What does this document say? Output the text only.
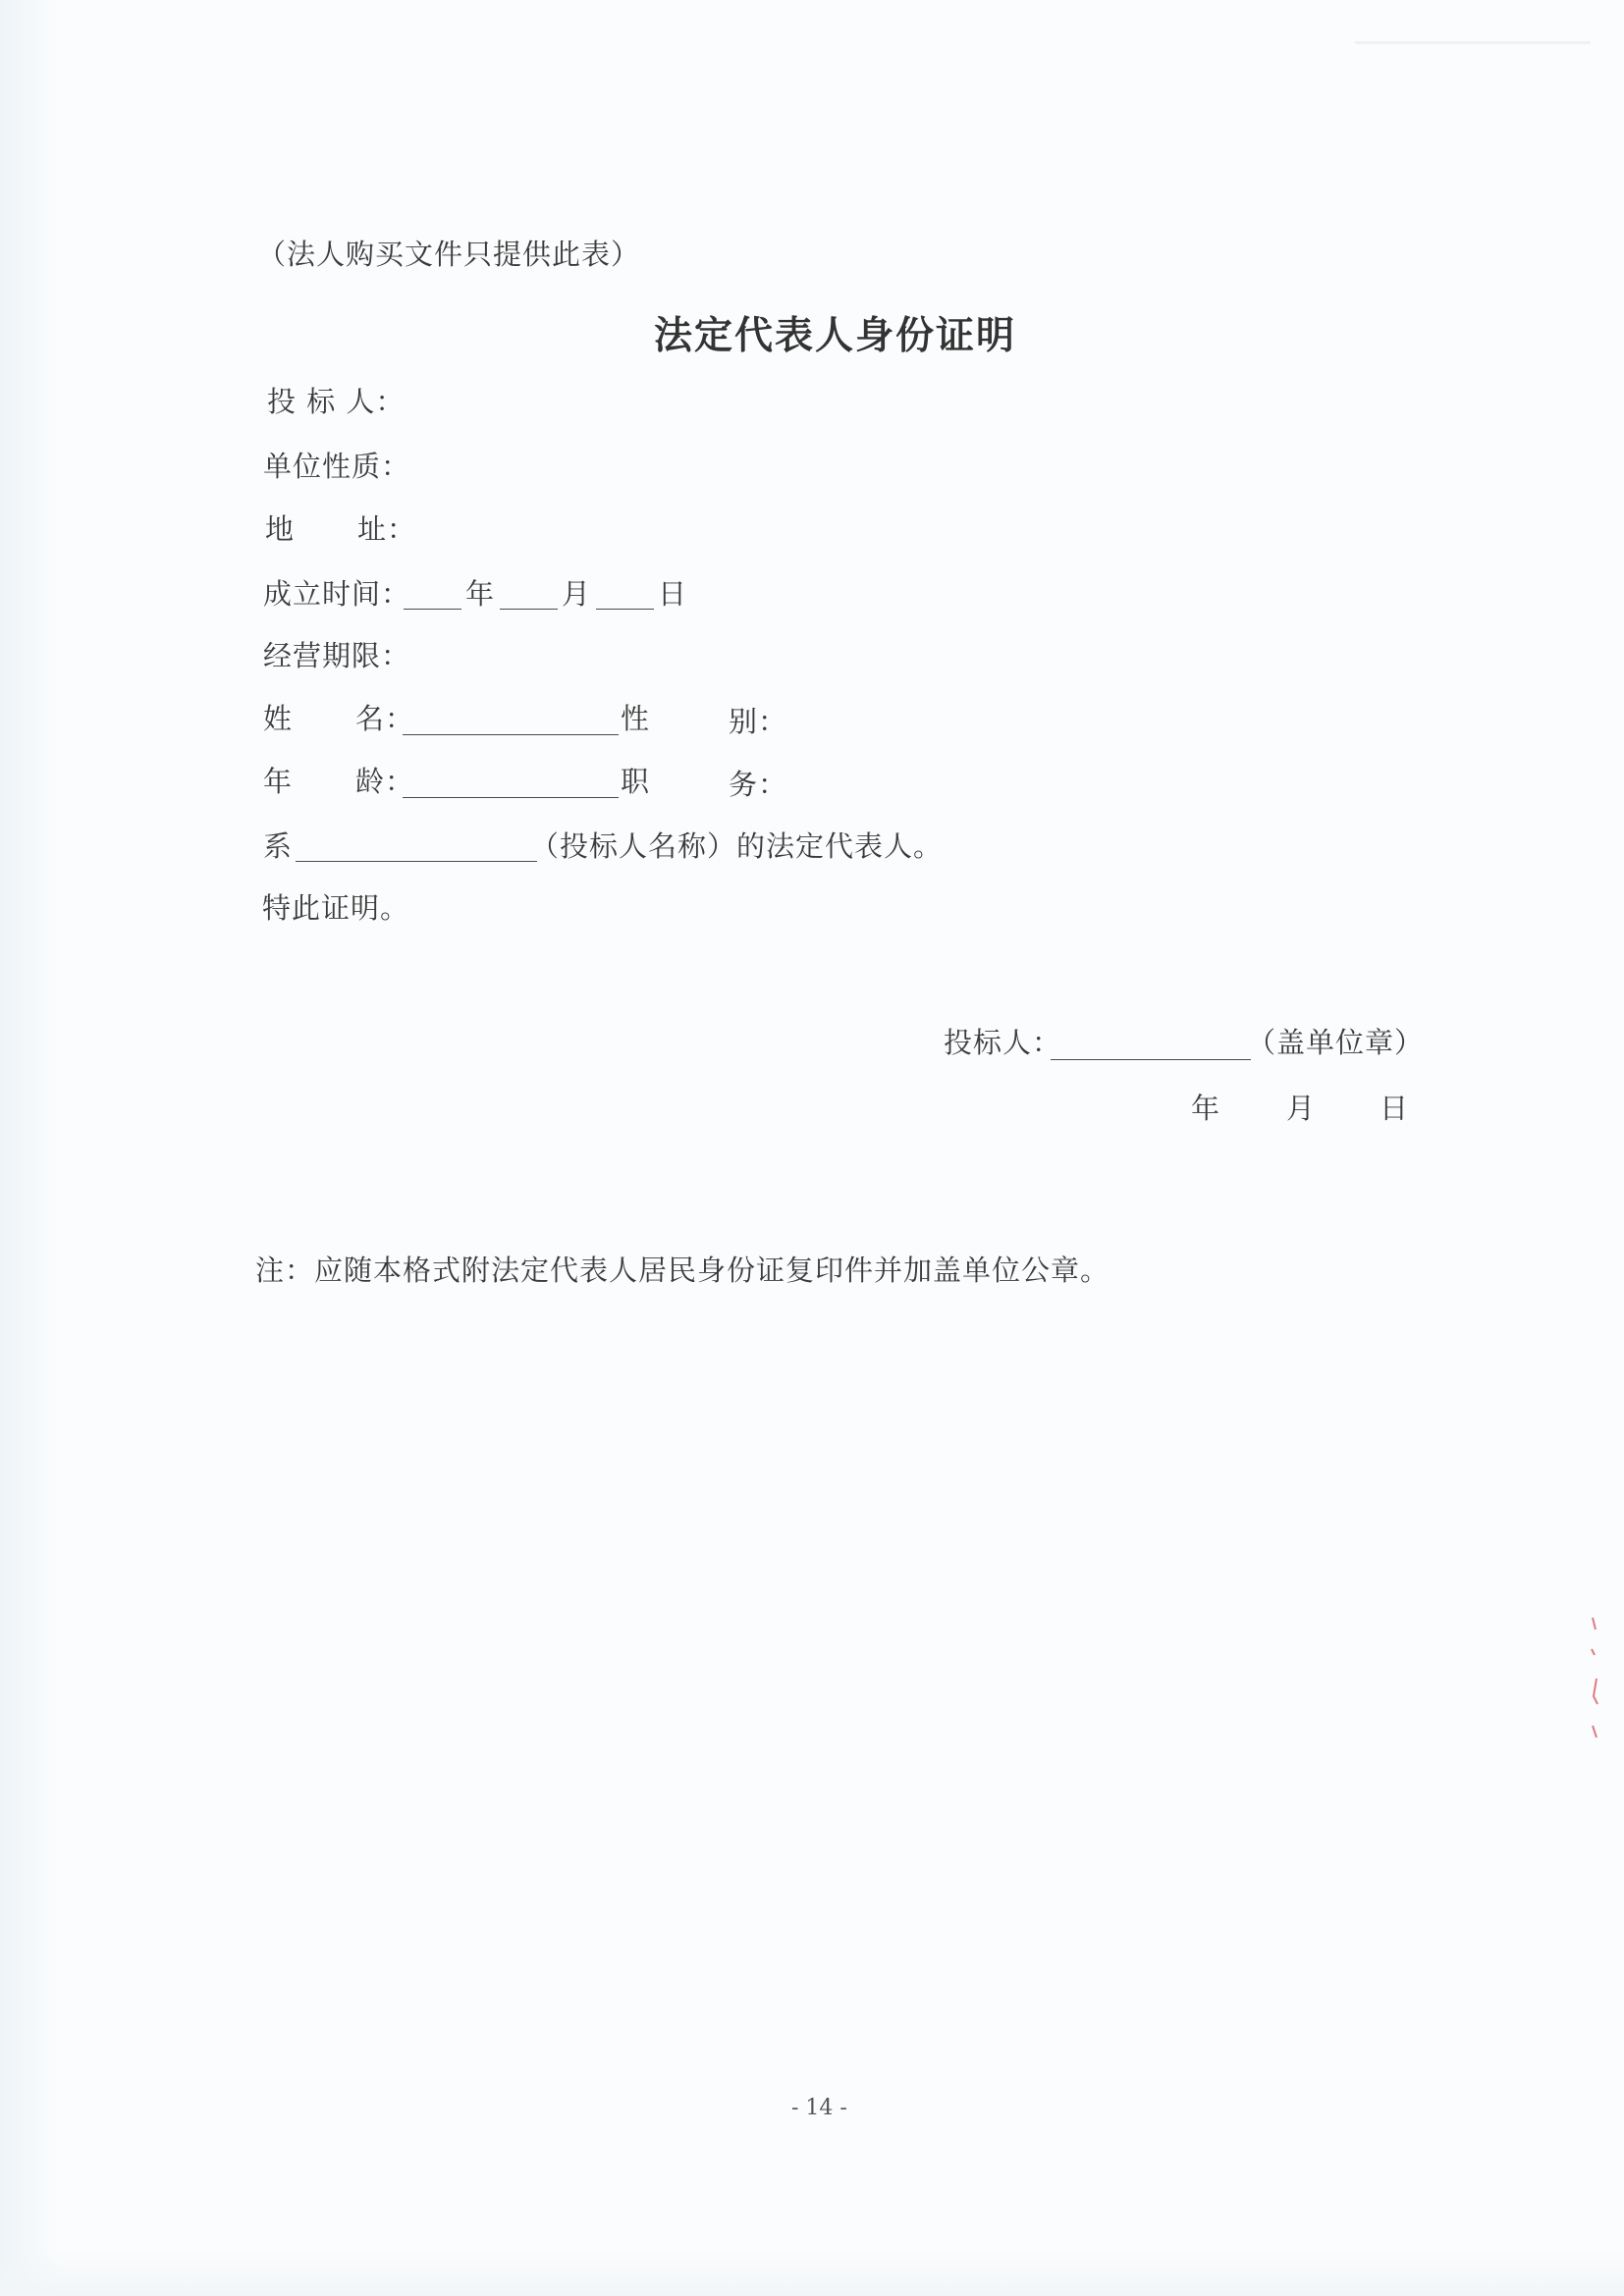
（法人购买文件只提供此表）
法定代表人身份证明
投 标 人：
单位性质：
地 址：
成立时间： 年 月 日
经营期限：
姓 名：	性	别：
年 龄：	职	务：
系	（投标人名称）的法定代表人。
特此证明。
投标人：	（盖单位章）
年 月 日
注：应随本格式附法定代表人居民身份证复印件并加盖单位公章。
- 14 -
